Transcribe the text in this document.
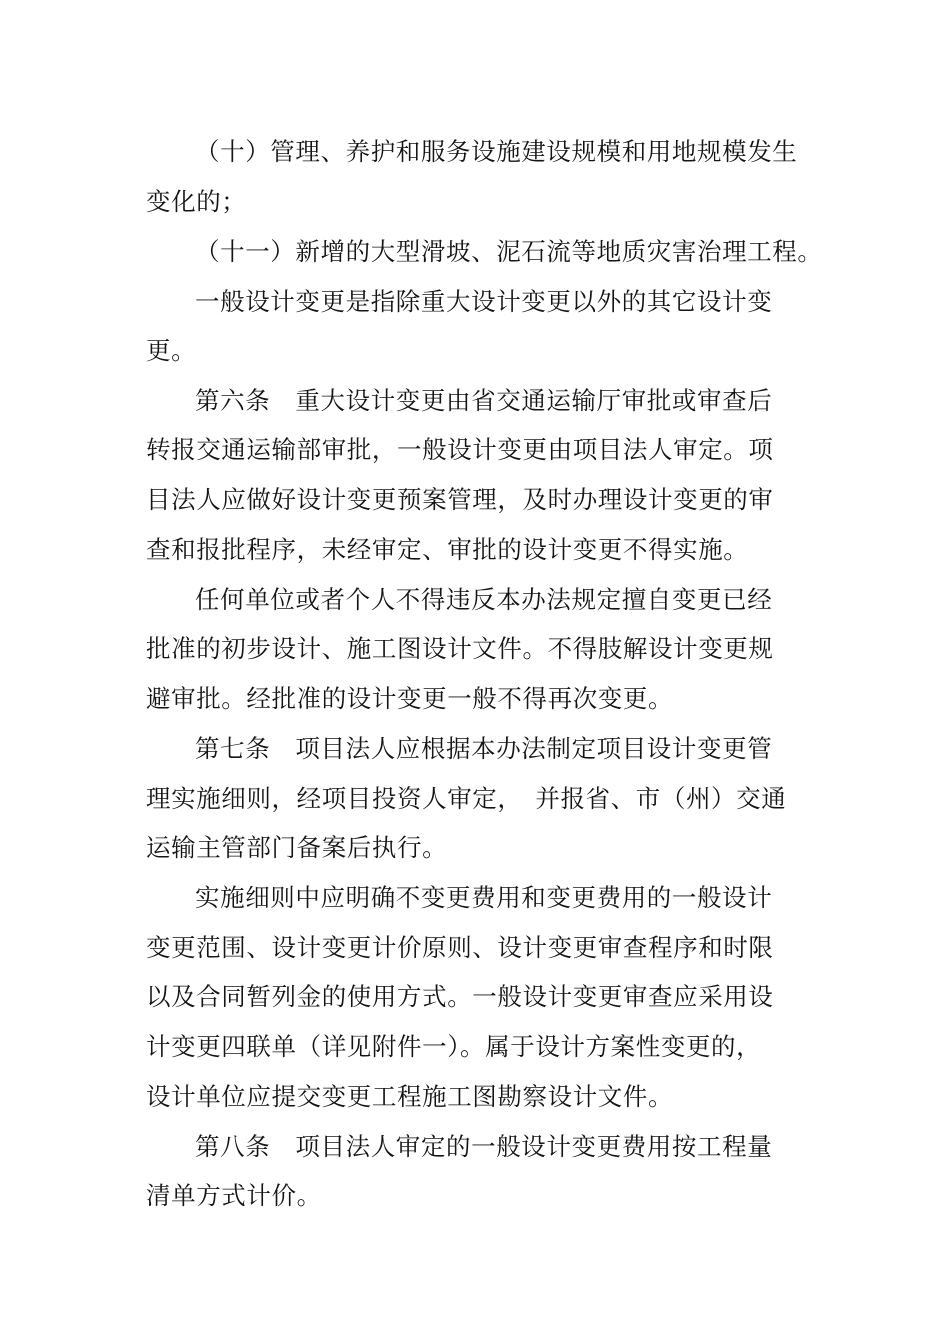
（十）管理、养护和服务设施建设规模和用地规模发生
变化的；
（十一）新增的大型滑坡、泥石流等地质灾害治理工程。
一般设计变更是指除重大设计变更以外的其它设计变
更。
第六条　重大设计变更由省交通运输厅审批或审查后
转报交通运输部审批，一般设计变更由项目法人审定。项
目法人应做好设计变更预案管理，及时办理设计变更的审
查和报批程序，未经审定、审批的设计变更不得实施。
任何单位或者个人不得违反本办法规定擅自变更已经
批准的初步设计、施工图设计文件。不得肢解设计变更规
避审批。经批准的设计变更一般不得再次变更。
第七条　项目法人应根据本办法制定项目设计变更管
理实施细则，经项目投资人审定，　并报省、市（州）交通
运输主管部门备案后执行。
实施细则中应明确不变更费用和变更费用的一般设计
变更范围、设计变更计价原则、设计变更审查程序和时限
以及合同暂列金的使用方式。一般设计变更审查应采用设
计变更四联单（详见附件一）。属于设计方案性变更的，
设计单位应提交变更工程施工图勘察设计文件。
第八条　项目法人审定的一般设计变更费用按工程量
清单方式计价。
